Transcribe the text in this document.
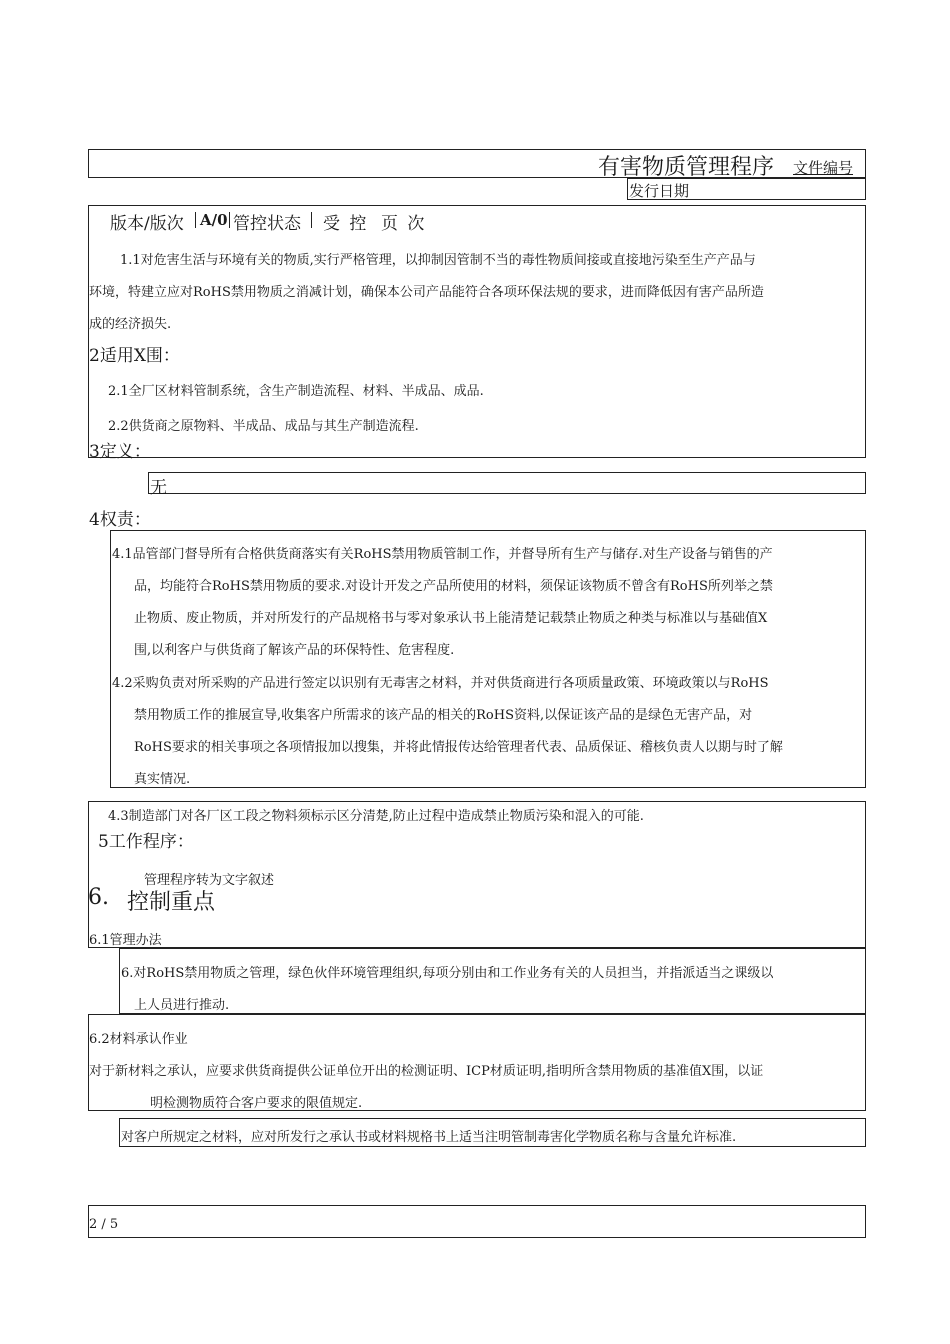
有害物质管理程序 文件编号
发行日期
版本/版次 A/0 管控状态 受 控 页 次
1.1对危害生活与环境有关的物质,实行严格管理，以抑制因管制不当的毒性物质间接或直接地污染至生产产品与
环境，特建立应对RoHS禁用物质之消减计划，确保本公司产品能符合各项环保法规的要求，进而降低因有害产品所造
成的经济损失.
2适用X围：
2.1全厂区材料管制系统，含生产制造流程、材料、半成品、成品.
2.2供货商之原物料、半成品、成品与其生产制造流程.
3定义：
无
4权责：
4.1品管部门督导所有合格供货商落实有关RoHS禁用物质管制工作，并督导所有生产与储存.对生产设备与销售的产
品，均能符合RoHS禁用物质的要求.对设计开发之产品所使用的材料，须保证该物质不曾含有RoHS所列举之禁
止物质、废止物质，并对所发行的产品规格书与零对象承认书上能清楚记载禁止物质之种类与标准以与基础值X
围,以利客户与供货商了解该产品的环保特性、危害程度.
4.2采购负责对所采购的产品进行签定以识别有无毒害之材料，并对供货商进行各项质量政策、环境政策以与RoHS
禁用物质工作的推展宣导,收集客户所需求的该产品的相关的RoHS资料,以保证该产品的是绿色无害产品，对
RoHS要求的相关事项之各项情报加以搜集，并将此情报传达给管理者代表、品质保证、稽核负责人以期与时了解
真实情况.
4.3制造部门对各厂区工段之物料须标示区分清楚,防止过程中造成禁止物质污染和混入的可能.
5工作程序：
管理程序转为文字叙述
6. 控制重点
6.1管理办法
6.对RoHS禁用物质之管理，绿色伙伴环境管理组织,每项分别由和工作业务有关的人员担当，并指派适当之课级以
上人员进行推动.
6.2材料承认作业
对于新材料之承认，应要求供货商提供公证单位开出的检测证明、ICP材质证明,指明所含禁用物质的基准值X围，以证
明检测物质符合客户要求的限值规定.
对客户所规定之材料，应对所发行之承认书或材料规格书上适当注明管制毒害化学物质名称与含量允许标准.
2 / 5
